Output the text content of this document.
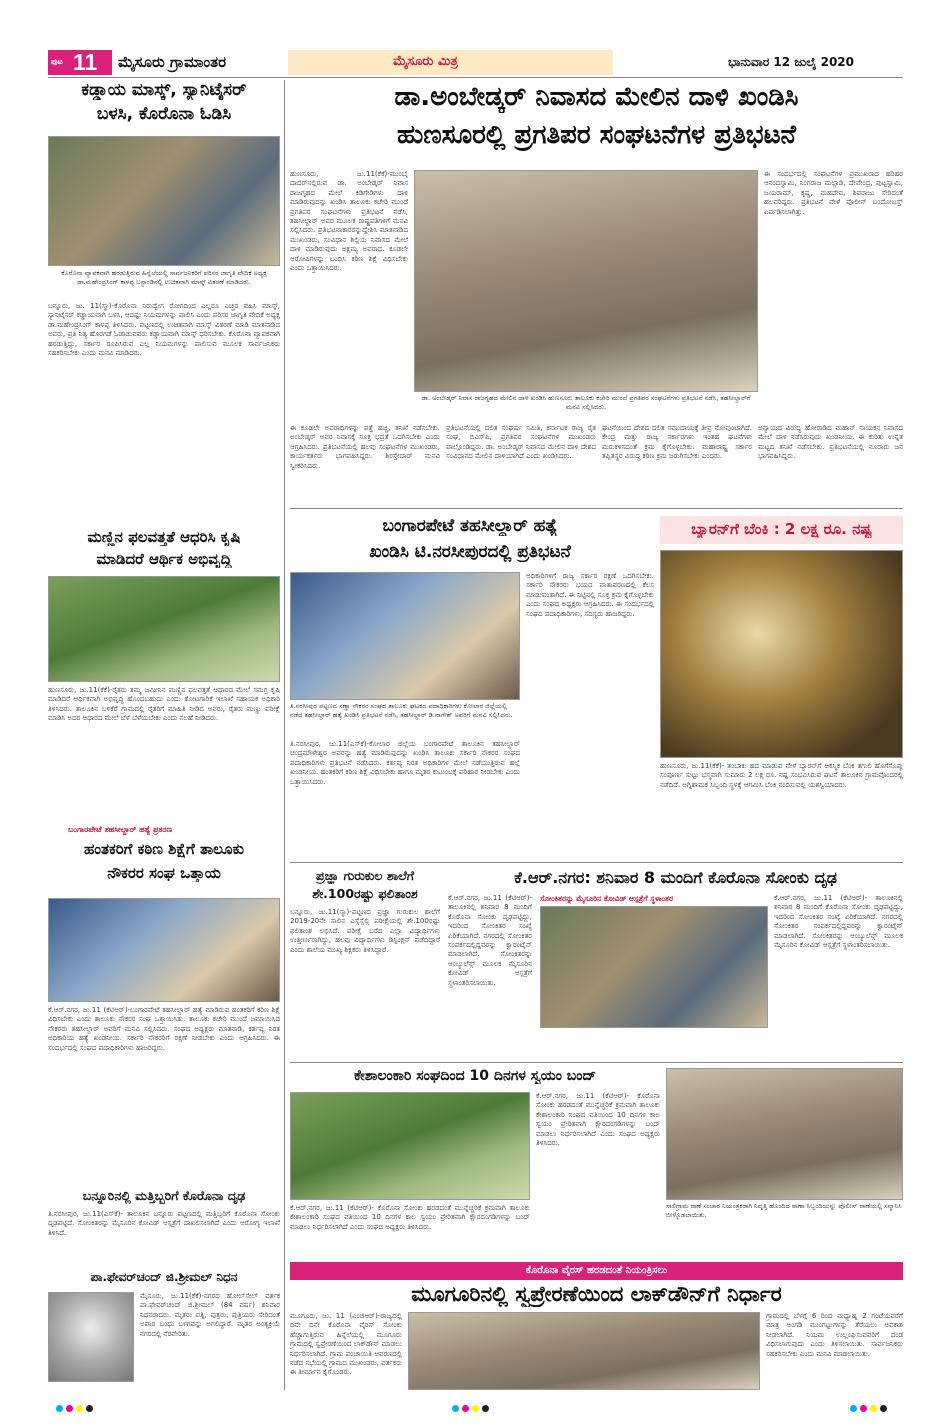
ಪುಟ 11 ಮೈಸೂರು ಗ್ರಾಮಾಂತರ	ಮೈಸೂರು ಮಿತ್ರ	ಭಾನುವಾರ 12 ಜುಲೈ 2020
ಕಡ್ಡಾಯ ಮಾಸ್ಕ್, ಸ್ಯಾನಿಟೈಸರ್
ಬಳಸಿ, ಕೊರೊನಾ ಓಡಿಸಿ
ಕೊರೊನಾ ವ್ಯಾಪಕವಾಗಿ ಹರಡುತ್ತಿರುವ ಹಿನ್ನೆಲೆಯಲ್ಲಿ ಸಾರ್ವಜನಿಕರಿಗೆ ಪರಿಸರ ಜಾಗೃತಿ ವೇದಿಕೆ ಅಧ್ಯಕ್ಷ ಡಾ.ಮಹೇಂದ್ರಸಿಂಗ್ ಕಾಳಪ್ಪ ಬಸ್ಟಾಂಡಿನಲ್ಲಿ ಉಚಿತವಾಗಿ ಮಾಸ್ಕ್ ವಿತರಣೆ ಮಾಡಿದರು.
ಬನ್ನೂರು, ಜು. 11(ಸ್ಮಾ)-ಕೊರೊನಾ ನಿರುದ್ವೇಗ ರೋಗದಿಂದ ಎಲ್ಲರೂ ಎಚ್ಚರ ವಹಿಸಿ ಮಾಸ್ಕ್, ಸ್ಯಾನಿಟೈಸರ್ ಕಡ್ಡಾಯವಾಗಿ ಬಳಸಿ, ಆದಷ್ಟು ನಿಯಮಗಳನ್ನು ಪಾಲಿಸಿ ಎಂದು ಪರಿಸರ ಜಾಗೃತಿ ವೇದಿಕೆ ಅಧ್ಯಕ್ಷ ಡಾ.ಮಹೇಂದ್ರಸಿಂಗ್ ಕಾಳಪ್ಪ ತಿಳಿಸಿದರು. ಪಟ್ಟಣದಲ್ಲಿ ಉಚಿತವಾಗಿ ಮಾಸ್ಕ್ ವಿತರಣೆ ಮಾಡಿ ಮಾತನಾಡಿದ ಅವರು, ಪ್ರತಿ ನಿತ್ಯ ಹೊರಗಡೆ ಓಡಾಡುವವರು ಕಡ್ಡಾಯವಾಗಿ ಮಾಸ್ಕ್ ಧರಿಸಬೇಕು. ಕೊರೊನಾ ವ್ಯಾಪಕವಾಗಿ ಹರಡುತ್ತಿದ್ದು, ಸರ್ಕಾರ ರೂಪಿಸಿರುವ ಎಲ್ಲ ನಿಯಮಗಳನ್ನು ಪಾಲಿಸುವ ಮೂಲಕ ಸಾರ್ವಜನಿಕರು ಸಹಕರಿಸಬೇಕು ಎಂದು ಮನವಿ ಮಾಡಿದರು.
ಮಣ್ಣಿನ ಫಲವತ್ತತೆ ಆಧರಿಸಿ ಕೃಷಿ
ಮಾಡಿದರೆ ಆರ್ಥಿಕ ಅಭಿವೃದ್ಧಿ
ಹುಣಸೂರು, ಜು.11(ಕೆಕೆ)-ರೈತರು ತಮ್ಮ ಜಮೀನಿನ ಮಣ್ಣಿನ ಫಲವತ್ತತೆ ಆಧಾರದ ಮೇಲೆ ಸಮಗ್ರ ಕೃಷಿ ಮಾಡಿದರೆ ಆರ್ಥಿಕವಾಗಿ ಅಭಿವೃದ್ಧಿ ಹೊಂದಬಹುದು ಎಂದು ತೋಟಗಾರಿಕೆ ಇಲಾಖೆ ಸಹಾಯಕ ಅಧಿಕಾರಿ ತಿಳಿಸಿದರು. ತಾಲೂಕಿನ ಬಳಿಕೆರೆ ಗ್ರಾಮದಲ್ಲಿ ರೈತರಿಗೆ ಮಾಹಿತಿ ನೀಡಿದ ಅವರು, ರೈತರು ಮಣ್ಣು ಪರೀಕ್ಷೆ ಮಾಡಿಸಿ ಅದರ ಆಧಾರದ ಮೇಲೆ ಬೆಳೆ ಬೆಳೆಯಬೇಕು ಎಂದು ಸಲಹೆ ನೀಡಿದರು.
ಬಂಗಾರಪೇಟೆ ತಹಸೀಲ್ದಾರ್ ಹತ್ಯೆ ಪ್ರಕರಣ
ಹಂತಕರಿಗೆ ಕಠಿಣ ಶಿಕ್ಷೆಗೆ ತಾಲೂಕು
ನೌಕರರ ಸಂಘ ಒತ್ತಾಯ
ಕೆ.ಆರ್.ನಗರ, ಜು.11 (ಕೆಟಿಆರ್)-ಬಂಗಾರಪೇಟೆ ತಹಸೀಲ್ದಾರ್ ಹತ್ಯೆ ಮಾಡಿರುವ ಹಂತಕರಿಗೆ ಕಠಿಣ ಶಿಕ್ಷೆ ವಿಧಿಸಬೇಕು ಎಂದು ತಾಲೂಕು ನೌಕರರ ಸಂಘ ಒತ್ತಾಯಿಸಿತು. ತಾಲೂಕು ಕಚೇರಿ ಮುಂದೆ ಜಮಾಯಿಸಿದ ನೌಕರರು ತಹಸೀಲ್ದಾರ್ ಅವರಿಗೆ ಮನವಿ ಸಲ್ಲಿಸಿದರು. ಸಂಘದ ಅಧ್ಯಕ್ಷರು ಮಾತನಾಡಿ, ಕರ್ತವ್ಯ ನಿರತ ಅಧಿಕಾರಿಯ ಹತ್ಯೆ ಖಂಡನೀಯ. ಸರ್ಕಾರಿ ನೌಕರರಿಗೆ ರಕ್ಷಣೆ ನೀಡಬೇಕು ಎಂದು ಆಗ್ರಹಿಸಿದರು. ಈ ಸಂದರ್ಭದಲ್ಲಿ ಸಂಘದ ಪದಾಧಿಕಾರಿಗಳು ಹಾಜರಿದ್ದರು.
ಬನ್ನೂರಿನಲ್ಲಿ ಮತ್ತಿಬ್ಬರಿಗೆ ಕೊರೊನಾ ದೃಢ
ತಿ.ನರಸೀಪುರ, ಜು.11(ಎಸ್‌ಕೆ)- ತಾಲೂಕಿನ ಬನ್ನೂರು ಪಟ್ಟಣದಲ್ಲಿ ಮತ್ತಿಬ್ಬರಿಗೆ ಕೊರೊನಾ ಸೋಂಕು ದೃಢಪಟ್ಟಿದೆ. ಸೋಂಕಿತರನ್ನು ಮೈಸೂರಿನ ಕೋವಿಡ್ ಆಸ್ಪತ್ರೆಗೆ ದಾಖಲಿಸಲಾಗಿದೆ ಎಂದು ಆರೋಗ್ಯ ಇಲಾಖೆ ತಿಳಿಸಿದೆ.
ಪಾ.ಫೇವರ್‌ಚಂದ್ ಜಿ.ಶ್ರೀಮಲ್ ನಿಧನ
ಮೈಸೂರು, ಜು.11(ಕೆಕೆ)-ನಗರದ ಹೋಲ್‌ಸೇಲ್ ವರ್ತಕ ಪಾ.ಫೇವರ್‌ಚಂದ್ ಜಿ.ಶ್ರೀಮಲ್ (84 ವರ್ಷ) ಶನಿವಾರ ನಿಧನರಾದರು. ಮೃತರು ಪತ್ನಿ, ಪುತ್ರರು, ಪುತ್ರಿಯರು ಸೇರಿದಂತೆ ಅಪಾರ ಬಂಧು ಬಳಗವನ್ನು ಅಗಲಿದ್ದಾರೆ. ಮೃತರ ಅಂತ್ಯಕ್ರಿಯೆ ನಗರದಲ್ಲಿ ನೆರವೇರಿತು.
ಡಾ.ಅಂಬೇಡ್ಕರ್ ನಿವಾಸದ ಮೇಲಿನ ದಾಳಿ ಖಂಡಿಸಿ
ಹುಣಸೂರಲ್ಲಿ ಪ್ರಗತಿಪರ ಸಂಘಟನೆಗಳ ಪ್ರತಿಭಟನೆ
ಹುಣಸೂರು, ಜು.11(ಕೆಕೆ)-ಮುಂಬೈ ದಾದರ್‌ನಲ್ಲಿರುವ ಡಾ. ಅಂಬೇಡ್ಕರ್ ನಿವಾಸ ರಾಜಗೃಹದ ಮೇಲೆ ಕಿಡಿಗೇಡಿಗಳು ದಾಳಿ ಮಾಡಿರುವುದನ್ನು ಖಂಡಿಸಿ ತಾಲೂಕು ಕಚೇರಿ ಮುಂದೆ ಪ್ರಗತಿಪರ ಸಂಘಟನೆಗಳು ಪ್ರತಿಭಟನೆ ನಡೆಸಿ, ತಹಸೀಲ್ದಾರ್ ಅವರ ಮೂಲಕ ರಾಷ್ಟ್ರಪತಿಗಳಿಗೆ ಮನವಿ ಸಲ್ಲಿಸಿದರು. ಪ್ರತಿಭಟನಾಕಾರರನ್ನುದ್ದೇಶಿಸಿ ಮಾತನಾಡಿದ ಮುಖಂಡರು, ಸಂವಿಧಾನ ಶಿಲ್ಪಿಯ ನಿವಾಸದ ಮೇಲೆ ದಾಳಿ ಮಾಡಿರುವುದು ಅಕ್ಷಮ್ಯ ಅಪರಾಧ. ಕೂಡಲೇ ಆರೋಪಿಗಳನ್ನು ಬಂಧಿಸಿ ಕಠಿಣ ಶಿಕ್ಷೆ ವಿಧಿಸಬೇಕು ಎಂದು ಒತ್ತಾಯಿಸಿದರು.
ಡಾ. ಅಂಬೇಡ್ಕರ್ ನಿವಾಸ ರಾಜಗೃಹದ ಮೇಲಿನ ದಾಳಿ ಖಂಡಿಸಿ ಹುಣಸೂರು ತಾಲೂಕು ಕಚೇರಿ ಮುಂದೆ ಪ್ರಗತಿಪರ ಸಂಘಟನೆಗಳು ಪ್ರತಿಭಟನೆ ನಡೆಸಿ, ತಹಸೀಲ್ದಾರ್‌ಗೆ ಮನವಿ ಸಲ್ಲಿಸಿದರು.
ಈ ಸಂದರ್ಭದಲ್ಲಿ ಸಂಘಟನೆಗಳ ಪ್ರಮುಖರಾದ ಹರಿಹರ ಆನಂದಸ್ವಾಮಿ, ನಿಂಗರಾಜ ಮಲ್ಲಾಡಿ, ದೇವೇಂದ್ರ, ಪುಟ್ಟಸ್ವಾಮಿ, ಜಯರಾಮ್, ಕೃಷ್ಣ, ಮಹದೇವ, ಶಿವರಾಜು ಸೇರಿದಂತೆ ಹಲವರಿದ್ದರು. ಪ್ರತಿಭಟನೆ ವೇಳೆ ಪೊಲೀಸ್ ಬಂದೋಬಸ್ತ್ ಏರ್ಪಡಿಸಲಾಗಿತ್ತು.
ಈ ಕೂಡಲೇ ಅಪರಾಧಿಗಳನ್ನು ಪತ್ತೆ ಹಚ್ಚಿ, ತನಿಖೆ ನಡೆಸಬೇಕು. ಅಂಬೇಡ್ಕರ್ ಅವರ ನಿವಾಸಕ್ಕೆ ಸೂಕ್ತ ಭದ್ರತೆ ಒದಗಿಸಬೇಕು ಎಂದು ಆಗ್ರಹಿಸಿದರು. ಪ್ರತಿಭಟನೆಯಲ್ಲಿ ಹಲವು ಸಂಘಟನೆಗಳ ಮುಖಂಡರು, ಕಾರ್ಯಕರ್ತರು ಭಾಗವಹಿಸಿದ್ದರು. ಶಿರಸ್ತೇದಾರ್ ಮನವಿ ಸ್ವೀಕರಿಸಿದರು.
ಪ್ರತಿಭಟನೆಯಲ್ಲಿ ದಲಿತ ಸಂಘರ್ಷ ಸಮಿತಿ, ಕರ್ನಾಟಕ ರಾಜ್ಯ ರೈತ ಸಂಘ, ಬಿಎಸ್‌ಪಿ, ಪ್ರಗತಿಪರ ಸಂಘಟನೆಗಳ ಮುಖಂಡರು ಪಾಲ್ಗೊಂಡಿದ್ದರು. ಡಾ. ಅಂಬೇಡ್ಕರ್ ನಿವಾಸದ ಮೇಲಿನ ದಾಳಿ ದೇಶದ ಸಂವಿಧಾನದ ಮೇಲಿನ ದಾಳಿಯಾಗಿದೆ ಎಂದು ಖಂಡಿಸಿದರು.
ಘಟನೆಯಿಂದ ದೇಶದ ದಲಿತ ಸಮುದಾಯಕ್ಕೆ ತೀವ್ರ ನೋವುಂಟಾಗಿದೆ. ಕೇಂದ್ರ ಮತ್ತು ರಾಜ್ಯ ಸರ್ಕಾರಗಳು ಇಂತಹ ಘಟನೆಗಳು ಮರುಕಳಿಸದಂತೆ ಕ್ರಮ ಕೈಗೊಳ್ಳಬೇಕು. ಮಹಾರಾಷ್ಟ್ರ ಸರ್ಕಾರ ತಪ್ಪಿತಸ್ಥರ ವಿರುದ್ಧ ಕಠಿಣ ಕ್ರಮ ಜರುಗಿಸಬೇಕು ಎಂದರು.
ಅನ್ಯಾಯದ ವಿರುದ್ಧ ಹೋರಾಡಿದ ಮಹಾನ್ ನಾಯಕನ ನಿವಾಸದ ಮೇಲೆ ದಾಳಿ ನಡೆಸಿರುವುದು ಖಂಡನೀಯ. ಈ ಕುರಿತು ಉನ್ನತ ಮಟ್ಟದ ತನಿಖೆ ನಡೆಸಬೇಕು. ಪ್ರತಿಭಟನೆಯಲ್ಲಿ ನೂರಾರು ಜನ ಭಾಗವಹಿಸಿದ್ದರು.
ಬಂಗಾರಪೇಟೆ ತಹಸೀಲ್ದಾರ್ ಹತ್ಯೆ
ಖಂಡಿಸಿ ಟಿ.ನರಸೀಪುರದಲ್ಲಿ ಪ್ರತಿಭಟನೆ
ತಿ.ನರಸೀಪುರ ಪಟ್ಟಣದ ಸಣ್ಣಾ ನೌಕರರ ಸಂಘದ ತಾಲೂಕು ಘಟಕದ ಪದಾಧಿಕಾರಿಗಳು ಕೋಲಾರ ಜಿಲ್ಲೆಯಲ್ಲಿ ನಡೆದ ತಹಸೀಲ್ದಾರ್ ಹತ್ಯೆ ಖಂಡಿಸಿ ಪ್ರತಿಭಟನೆ ನಡೆಸಿ, ತಹಸೀಲ್ದಾರ್ ಡಿ.ನಾಗೇಶ್ ಅವರಿಗೆ ಮನವಿ ಸಲ್ಲಿಸಿದರು.
ತಿ.ನರಸೀಪುರ, ಜು.11(ಎಸ್‌ಕೆ)-ಕೋಲಾರ ಜಿಲ್ಲೆಯ ಬಂಗಾರಪೇಟೆ ತಾಲೂಕಿನ ತಹಸೀಲ್ದಾರ್ ಚಂದ್ರಮೌಳೇಶ್ವರ ಅವರನ್ನು ಹತ್ಯೆ ಮಾಡಿರುವುದನ್ನು ಖಂಡಿಸಿ ತಾಲೂಕು ಸರ್ಕಾರಿ ನೌಕರರ ಸಂಘದ ಪದಾಧಿಕಾರಿಗಳು ಪ್ರತಿಭಟನೆ ನಡೆಸಿದರು. ಕರ್ತವ್ಯ ನಿರತ ಅಧಿಕಾರಿಗಳ ಮೇಲೆ ನಡೆಯುತ್ತಿರುವ ಹಲ್ಲೆ ಖಂಡನೀಯ. ಹಂತಕರಿಗೆ ಕಠಿಣ ಶಿಕ್ಷೆ ವಿಧಿಸಬೇಕು ಹಾಗೂ ಮೃತರ ಕುಟುಂಬಕ್ಕೆ ಪರಿಹಾರ ನೀಡಬೇಕು ಎಂದು ಒತ್ತಾಯಿಸಿದರು.
ಅಧಿಕಾರಿಗಳಿಗೆ ರಾಜ್ಯ ಸರ್ಕಾರ ರಕ್ಷಣೆ ಒದಗಿಸಬೇಕು. ಸರ್ಕಾರಿ ನೌಕರರು ಭಯದ ವಾತಾವರಣದಲ್ಲಿ ಕೆಲಸ ಮಾಡುವಂತಾಗಿದೆ. ಈ ನಿಟ್ಟಿನಲ್ಲಿ ಸೂಕ್ತ ಕ್ರಮ ಕೈಗೊಳ್ಳಬೇಕು ಎಂದು ಸಂಘದ ಅಧ್ಯಕ್ಷರು ಆಗ್ರಹಿಸಿದರು. ಈ ಸಂದರ್ಭದಲ್ಲಿ ಸಂಘದ ಪದಾಧಿಕಾರಿಗಳು, ಸದಸ್ಯರು ಹಾಜರಿದ್ದರು.
ಬ್ಯಾರನ್‌ಗೆ ಬೆಂಕಿ : 2 ಲಕ್ಷ ರೂ. ನಷ್ಟ
ಹುಣಸೂರು, ಜು.11(ಕೆಕೆ)- ತಂಬಾಕು ಹದ ಮಾಡುವ ವೇಳೆ ಬ್ಯಾರನ್‌ಗೆ ಆಕಸ್ಮಿಕ ಬೆಂಕಿ ತಗುಲಿ ಹೊಗೆಸೊಪ್ಪು ಸಂಪೂರ್ಣ ಸುಟ್ಟು ಭಸ್ಮವಾಗಿ ಸುಮಾರು 2 ಲಕ್ಷ ರೂ. ನಷ್ಟ ಸಂಭವಿಸಿರುವ ಘಟನೆ ತಾಲೂಕಿನ ಗ್ರಾಮವೊಂದರಲ್ಲಿ ನಡೆದಿದೆ. ಅಗ್ನಿಶಾಮಕ ಸಿಬ್ಬಂದಿ ಸ್ಥಳಕ್ಕೆ ಆಗಮಿಸಿ ಬೆಂಕಿ ನಂದಿಸುವಲ್ಲಿ ಯಶಸ್ವಿಯಾದರು.
ಪ್ರಜ್ಞಾ ಗುರುಕುಲ ಶಾಲೆಗೆ
ಶೇ.100ರಷ್ಟು ಫಲಿತಾಂಶ
ಬನ್ನೂರು, ಜು.11(ಸ್ಮಾ)-ಪಟ್ಟಣದ ಪ್ರಜ್ಞಾ ಗುರುಕುಲ ಶಾಲೆಗೆ 2019-20ನೇ ಸಾಲಿನ ಎಸ್ಸೆಸ್ಸೆಲ್ಸಿ ಪರೀಕ್ಷೆಯಲ್ಲಿ ಶೇ.100ರಷ್ಟು ಫಲಿತಾಂಶ ಲಭಿಸಿದೆ. ಪರೀಕ್ಷೆ ಬರೆದ ಎಲ್ಲಾ ವಿದ್ಯಾರ್ಥಿಗಳು ಉತ್ತೀರ್ಣರಾಗಿದ್ದು, ಹಲವು ವಿದ್ಯಾರ್ಥಿಗಳು ಡಿಸ್ಟಿಂಕ್ಷನ್ ಪಡೆದಿದ್ದಾರೆ ಎಂದು ಶಾಲೆಯ ಮುಖ್ಯ ಶಿಕ್ಷಕರು ತಿಳಿಸಿದ್ದಾರೆ.
ಕೆ.ಆರ್.ನಗರ: ಶನಿವಾರ 8 ಮಂದಿಗೆ ಕೊರೊನಾ ಸೋಂಕು ದೃಢ
ಕೆ.ಆರ್.ನಗರ, ಜು.11 (ಕೆಟಿಆರ್)- ತಾಲೂಕಿನಲ್ಲಿ ಶನಿವಾರ 8 ಮಂದಿಗೆ ಕೊರೊನಾ ಸೋಂಕು ದೃಢಪಟ್ಟಿದ್ದು, ಇದರಿಂದ ಸೋಂಕಿತರ ಸಂಖ್ಯೆ ಏರಿಕೆಯಾಗಿದೆ. ನಗರದಲ್ಲಿ ಸೋಂಕಿತರ ಸಂಪರ್ಕದಲ್ಲಿದ್ದವರನ್ನು ಕ್ವಾರಂಟೈನ್ ಮಾಡಲಾಗಿದೆ. ಸೋಂಕಿತರನ್ನು ಆಂಬ್ಯುಲೆನ್ಸ್ ಮೂಲಕ ಮೈಸೂರಿನ ಕೋವಿಡ್ ಆಸ್ಪತ್ರೆಗೆ ಸ್ಥಳಾಂತರಿಸಲಾಯಿತು.
ಸೋಂಕಿತರನ್ನು ಮೈಸೂರಿನ ಕೋವಿಡ್ ಆಸ್ಪತ್ರೆಗೆ ಸ್ಥಳಾಂತರ	ಕೆ.ಆರ್.ನಗರ, ಜು.11 (ಕೆಟಿಆರ್)- ತಾಲೂಕಿನಲ್ಲಿ ಶನಿವಾರ 8 ಮಂದಿಗೆ ಕೊರೊನಾ ಸೋಂಕು ದೃಢಪಟ್ಟಿದ್ದು, ಇದರಿಂದ ಸೋಂಕಿತರ ಸಂಖ್ಯೆ ಏರಿಕೆಯಾಗಿದೆ. ನಗರದಲ್ಲಿ ಸೋಂಕಿತರ ಸಂಪರ್ಕದಲ್ಲಿದ್ದವರನ್ನು ಕ್ವಾರಂಟೈನ್ ಮಾಡಲಾಗಿದೆ. ಸೋಂಕಿತರನ್ನು ಆಂಬ್ಯುಲೆನ್ಸ್ ಮೂಲಕ ಮೈಸೂರಿನ ಕೋವಿಡ್ ಆಸ್ಪತ್ರೆಗೆ ಸ್ಥಳಾಂತರಿಸಲಾಯಿತು.
ಕೇಶಾಲಂಕಾರಿ ಸಂಘದಿಂದ 10 ದಿನಗಳ ಸ್ವಯಂ ಬಂದ್
ಕೆ.ಆರ್.ನಗರ, ಜು.11 (ಕೆಟಿಆರ್)- ಕೊರೊನಾ ಸೋಂಕು ಹರಡದಂತೆ ಮುನ್ನೆಚ್ಚರಿಕೆ ಕ್ರಮವಾಗಿ ತಾಲೂಕು ಕೇಶಾಲಂಕಾರಿ ಸಂಘದ ವತಿಯಿಂದ 10 ದಿನಗಳ ಕಾಲ ಸ್ವಯಂ ಪ್ರೇರಿತವಾಗಿ ಕ್ಷೌರದಂಗಡಿಗಳನ್ನು ಬಂದ್ ಮಾಡಲು ನಿರ್ಧರಿಸಲಾಗಿದೆ ಎಂದು ಸಂಘದ ಅಧ್ಯಕ್ಷರು ತಿಳಿಸಿದರು.
ಕೆ.ಆರ್.ನಗರ, ಜು.11 (ಕೆಟಿಆರ್)- ಕೊರೊನಾ ಸೋಂಕು ಹರಡದಂತೆ ಮುನ್ನೆಚ್ಚರಿಕೆ ಕ್ರಮವಾಗಿ ತಾಲೂಕು ಕೇಶಾಲಂಕಾರಿ ಸಂಘದ ವತಿಯಿಂದ 10 ದಿನಗಳ ಕಾಲ ಸ್ವಯಂ ಪ್ರೇರಿತವಾಗಿ ಕ್ಷೌರದಂಗಡಿಗಳನ್ನು ಬಂದ್ ಮಾಡಲು ನಿರ್ಧರಿಸಲಾಗಿದೆ ಎಂದು ಸಂಘದ ಅಧ್ಯಕ್ಷರು ತಿಳಿಸಿದರು.
ಸಾಲಿಗ್ರಾಮ ಠಾಣೆ ಸಂಚಾರ ನಿಯಂತ್ರಕರಾಗಿ ನಿವೃತ್ತಿ ಹೊಂದಿದ ಠಾಣಾ ಸಿಬ್ಬಂದಿಯನ್ನು ಪೊಲೀಸ್ ಠಾಣೆಯಲ್ಲಿ ಸನ್ಮಾನಿಸಿ ಬೀಳ್ಕೊಡಲಾಯಿತು.
ಕೊರೊನಾ ವೈರಸ್ ಹರಡದಂತೆ ನಿಯಂತ್ರಿಸಲು
ಮೂಗೂರಿನಲ್ಲಿ ಸ್ವಪ್ರೇರಣೆಯಿಂದ ಲಾಕ್‌ಡೌನ್‌ಗೆ ನಿರ್ಧಾರ
ಮೂಗೂರು, ಜು. 11 (ಎಂಜಿಆರ್)-ರಾಜ್ಯದಲ್ಲಿ ದಿನೇ ದಿನೇ ಕೊರೊನಾ ವೈರಸ್ ಸೋಂಕು ಹೆಚ್ಚಾಗುತ್ತಿರುವ ಹಿನ್ನೆಲೆಯಲ್ಲಿ ಮೂಗೂರು ಗ್ರಾಮದಲ್ಲಿ ಸ್ವಪ್ರೇರಣೆಯಿಂದ ಲಾಕ್‌ಡೌನ್ ಮಾಡಲು ನಿರ್ಧರಿಸಲಾಗಿದೆ. ಗ್ರಾಮ ಪಂಚಾಯಿತಿ ಆವರಣದಲ್ಲಿ ನಡೆದ ಸಭೆಯಲ್ಲಿ ಗ್ರಾಮದ ಮುಖಂಡರು, ವರ್ತಕರು ಈ ತೀರ್ಮಾನ ಕೈಗೊಂಡರು.
ಗ್ರಾಮದಲ್ಲಿ ಬೆಳಗ್ಗೆ 6 ರಿಂದ ಮಧ್ಯಾಹ್ನ 2 ಗಂಟೆಯವರೆಗೆ ಮಾತ್ರ ಅಂಗಡಿ ಮುಂಗಟ್ಟುಗಳನ್ನು ತೆರೆಯಲು ಅವಕಾಶ ನೀಡಲಾಗಿದೆ. ನಿಯಮ ಉಲ್ಲಂಘಿಸುವವರಿಗೆ ದಂಡ ವಿಧಿಸಲಾಗುವುದು ಎಂದು ತಿಳಿಸಲಾಯಿತು. ಸಾರ್ವಜನಿಕರು ಸಹಕರಿಸಬೇಕು ಎಂದು ಮನವಿ ಮಾಡಲಾಯಿತು.
